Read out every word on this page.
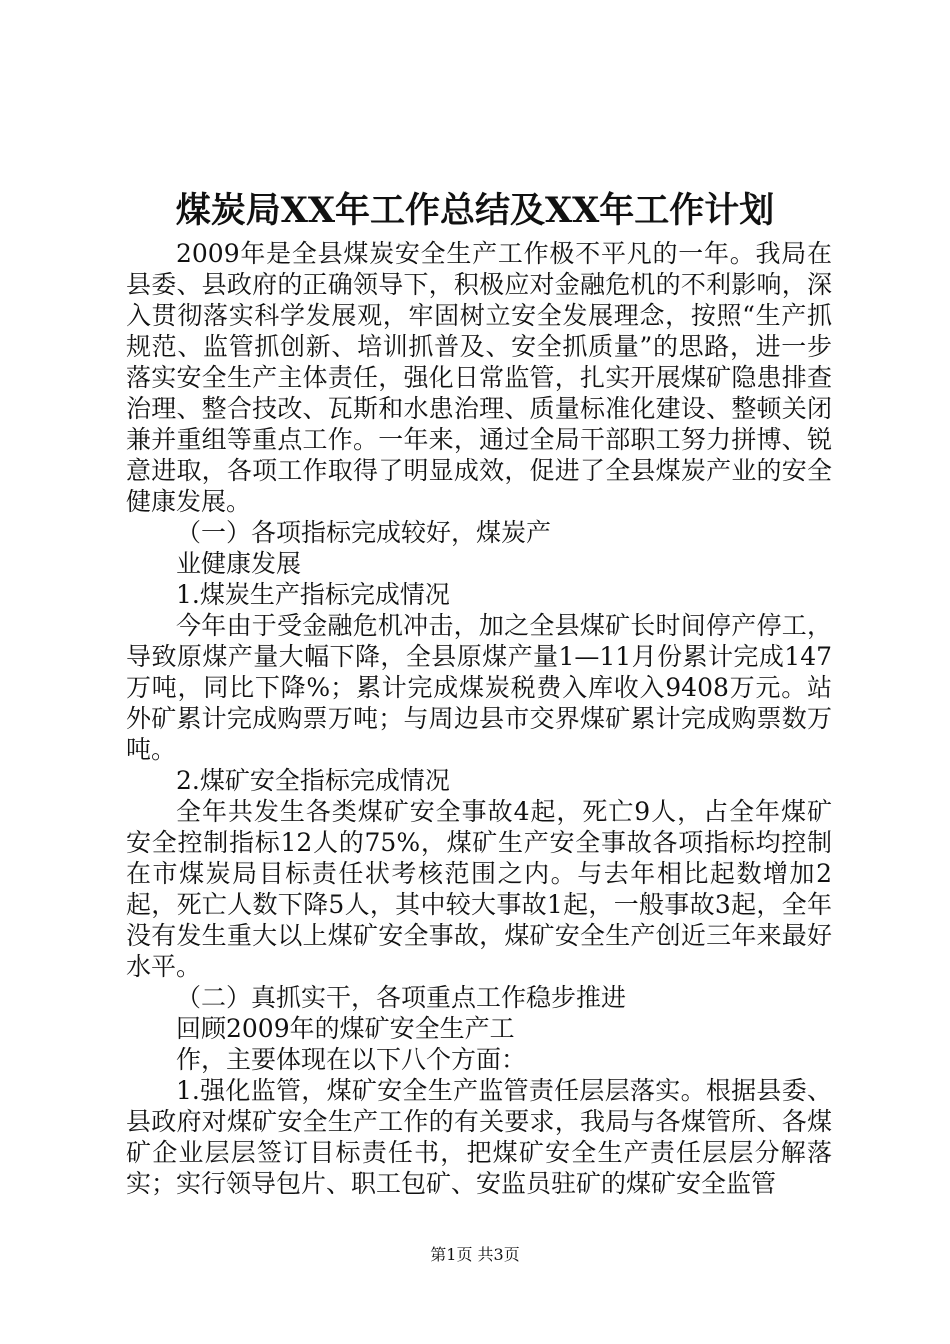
煤炭局XX年工作总结及XX年工作计划

2009年是全县煤炭安全生产工作极不平凡的一年。我局在县委、县政府的正确领导下，积极应对金融危机的不利影响，深入贯彻落实科学发展观，牢固树立安全发展理念，按照“生产抓规范、监管抓创新、培训抓普及、安全抓质量”的思路，进一步落实安全生产主体责任，强化日常监管，扎实开展煤矿隐患排查治理、整合技改、瓦斯和水患治理、质量标准化建设、整顿关闭兼并重组等重点工作。一年来，通过全局干部职工努力拼博、锐意进取，各项工作取得了明显成效，促进了全县煤炭产业的安全健康发展。

（一）各项指标完成较好，煤炭产

业健康发展

1.煤炭生产指标完成情况

今年由于受金融危机冲击，加之全县煤矿长时间停产停工，导致原煤产量大幅下降，全县原煤产量1—11月份累计完成147万吨，同比下降%；累计完成煤炭税费入库收入9408万元。站外矿累计完成购票万吨；与周边县市交界煤矿累计完成购票数万吨。

2.煤矿安全指标完成情况

全年共发生各类煤矿安全事故4起，死亡9人，占全年煤矿安全控制指标12人的75%，煤矿生产安全事故各项指标均控制在市煤炭局目标责任状考核范围之内。与去年相比起数增加2起，死亡人数下降5人，其中较大事故1起，一般事故3起，全年没有发生重大以上煤矿安全事故，煤矿安全生产创近三年来最好水平。

（二）真抓实干，各项重点工作稳步推进

回顾2009年的煤矿安全生产工

作，主要体现在以下八个方面：

1.强化监管，煤矿安全生产监管责任层层落实。根据县委、县政府对煤矿安全生产工作的有关要求，我局与各煤管所、各煤矿企业层层签订目标责任书，把煤矿安全生产责任层层分解落实；实行领导包片、职工包矿、安监员驻矿的煤矿安全监管

第1页 共3页
